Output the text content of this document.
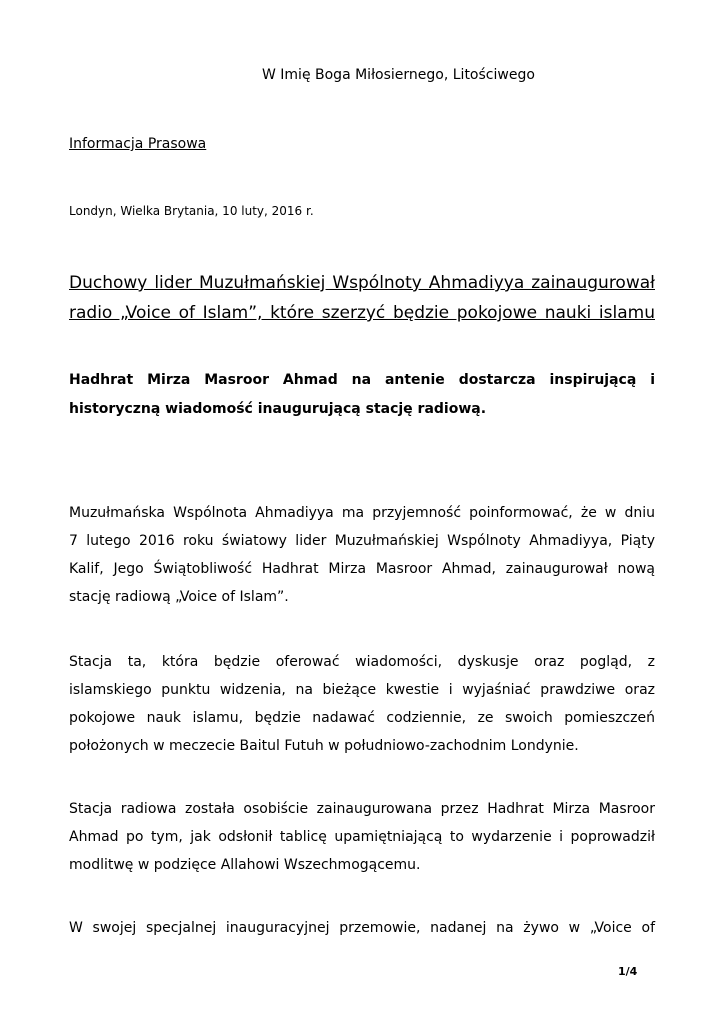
W Imię Boga Miłosiernego, Litościwego
Informacja Prasowa
Londyn, Wielka Brytania, 10 luty, 2016 r.
Duchowy lider Muzułmańskiej Wspólnoty Ahmadiyya zainaugurował
radio „Voice of Islam”, które szerzyć będzie pokojowe nauki islamu
Hadhrat Mirza Masroor Ahmad na antenie dostarcza inspirującą i
historyczną wiadomość inaugurującą stację radiową.
Muzułmańska Wspólnota Ahmadiyya ma przyjemność poinformować, że w dniu
7 lutego 2016 roku światowy lider Muzułmańskiej Wspólnoty Ahmadiyya, Piąty
Kalif, Jego Świątobliwość Hadhrat Mirza Masroor Ahmad, zainaugurował nową
stację radiową „Voice of Islam”.
Stacja ta, która będzie oferować wiadomości, dyskusje oraz pogląd, z
islamskiego punktu widzenia, na bieżące kwestie i wyjaśniać prawdziwe oraz
pokojowe nauk islamu, będzie nadawać codziennie, ze swoich pomieszczeń
położonych w meczecie Baitul Futuh w południowo-zachodnim Londynie.
Stacja radiowa została osobiście zainaugurowana przez Hadhrat Mirza Masroor
Ahmad po tym, jak odsłonił tablicę upamiętniającą to wydarzenie i poprowadził
modlitwę w podzięce Allahowi Wszechmogącemu.
W swojej specjalnej inauguracyjnej przemowie, nadanej na żywo w „Voice of
1/4
